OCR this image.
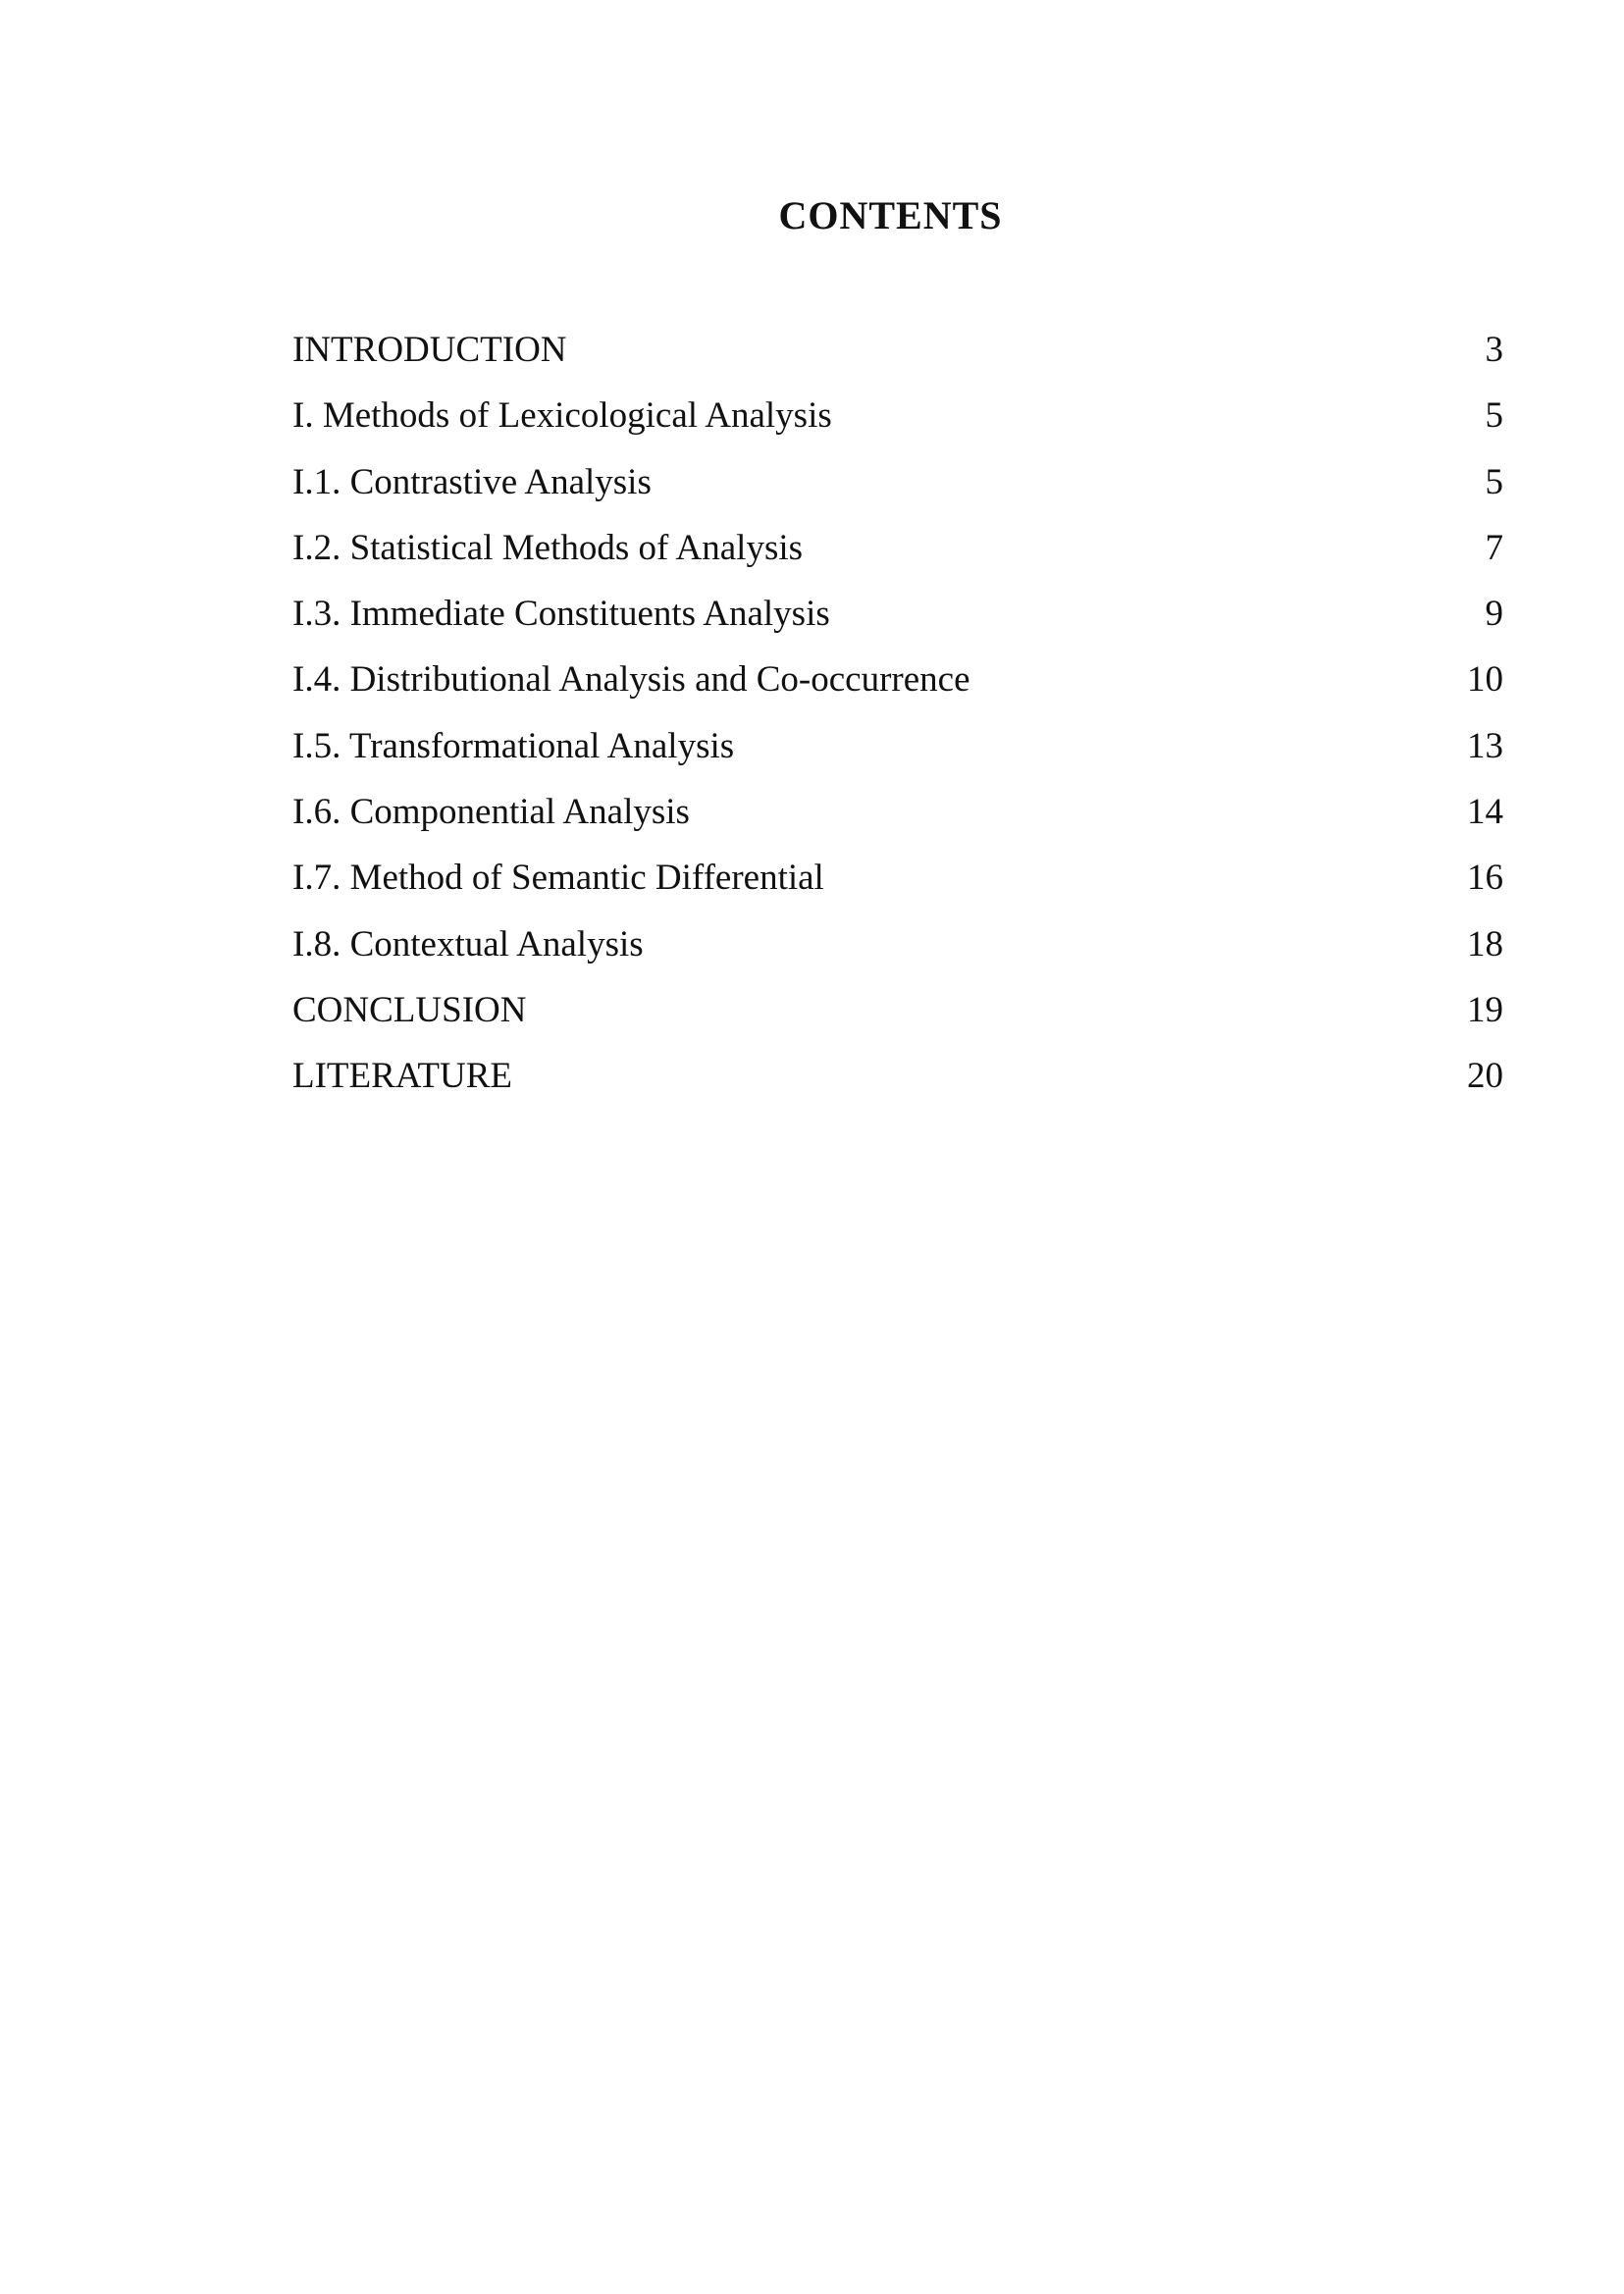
CONTENTS
INTRODUCTION	3
I. Methods of Lexicological Analysis	5
I.1. Contrastive Analysis	5
I.2. Statistical Methods of Analysis	7
I.3. Immediate Constituents Analysis	9
I.4. Distributional Analysis and Co-occurrence	10
I.5. Transformational Analysis	13
I.6. Componential Analysis	14
I.7. Method of Semantic Differential	16
I.8. Contextual Analysis	18
CONCLUSION	19
LITERATURE	20
